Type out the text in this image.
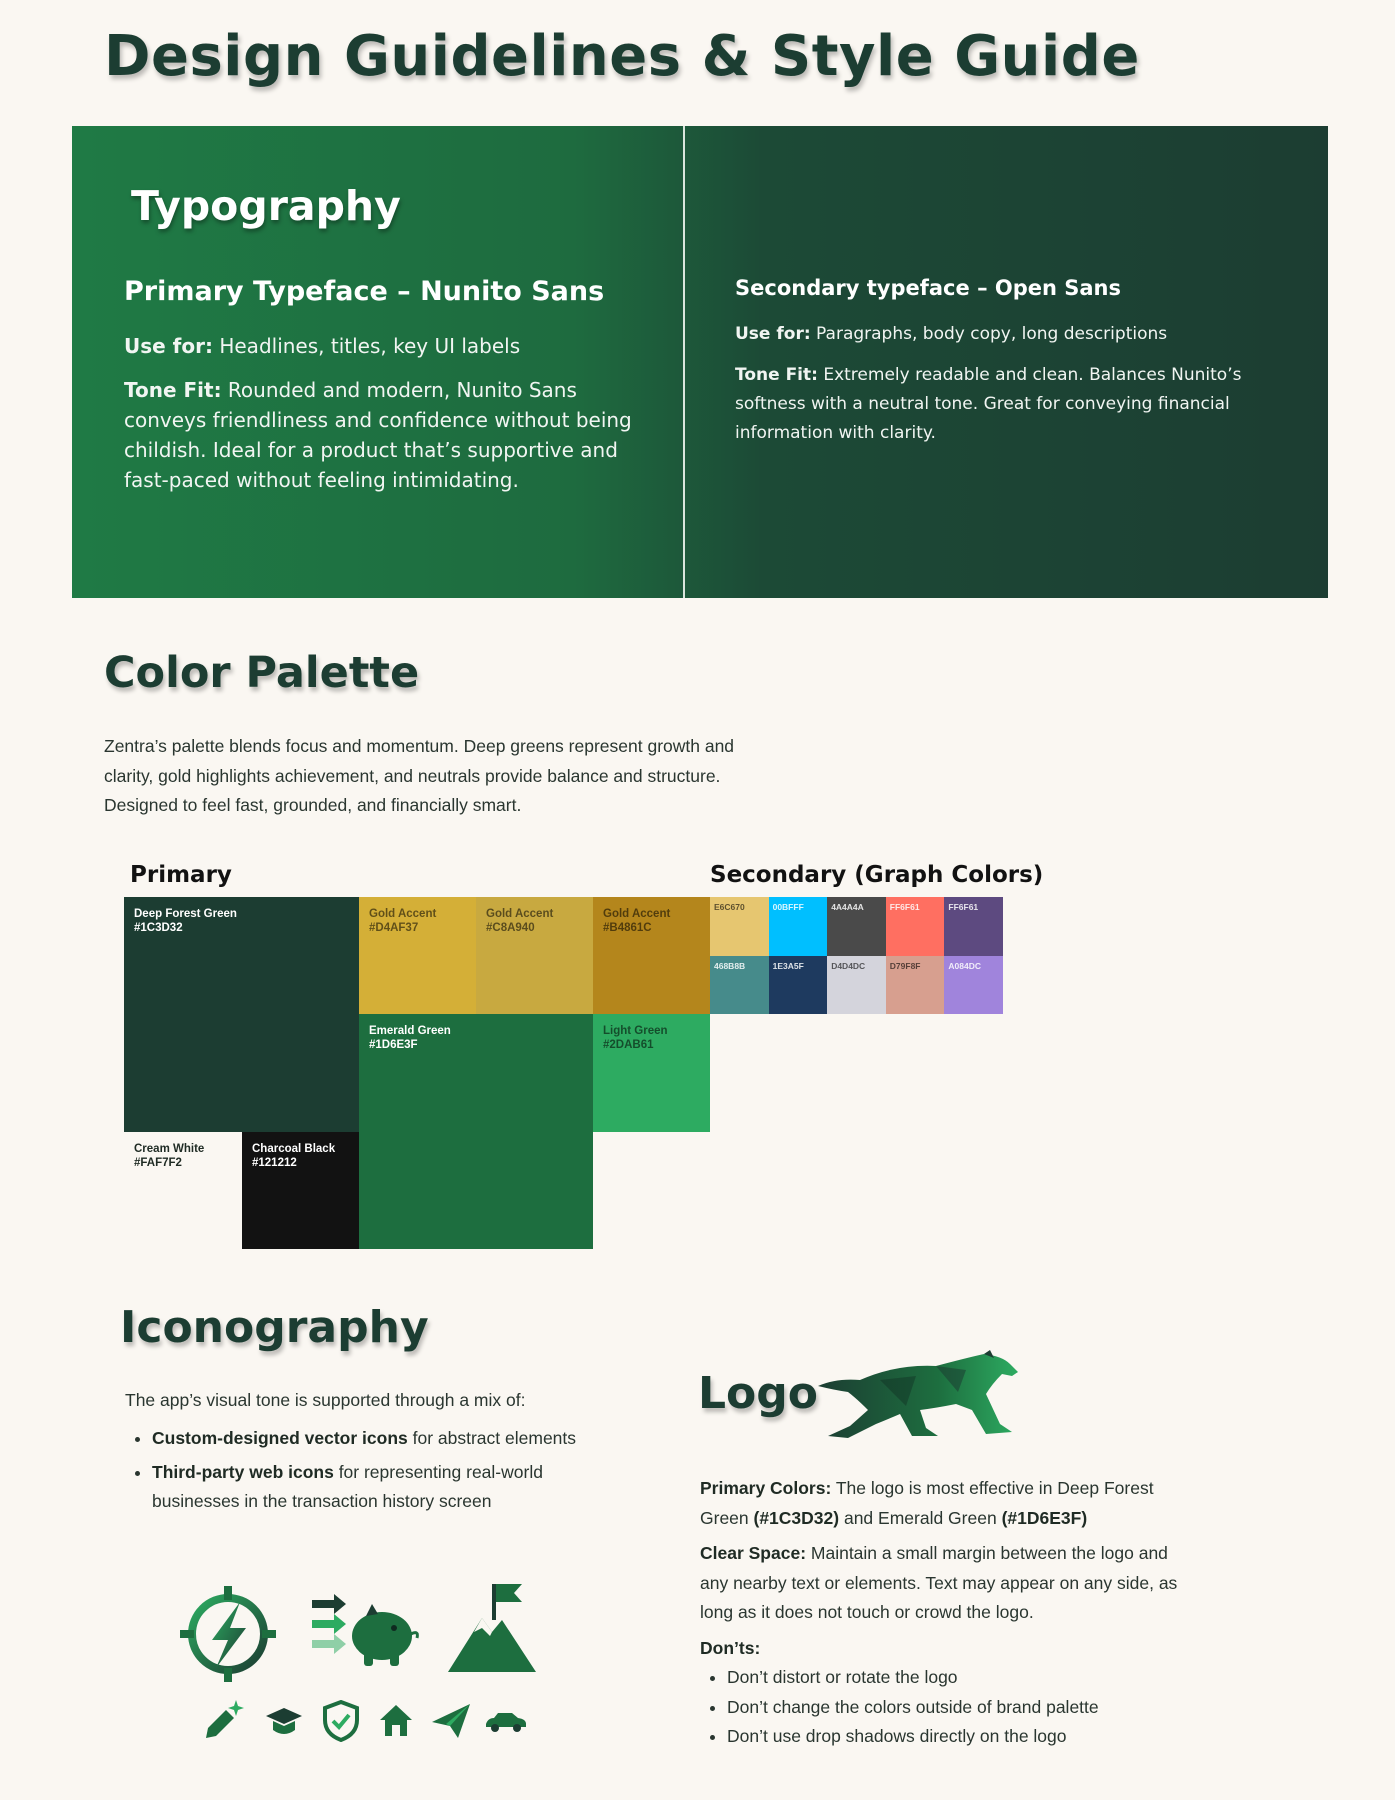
Design Guidelines & Style Guide
Typography
Primary Typeface – Nunito Sans

Use for: Headlines, titles, key UI labels

Tone Fit: Rounded and modern, Nunito Sans conveys friendliness and confidence without being childish. Ideal for a product that’s supportive and fast-paced without feeling intimidating.

Secondary typeface – Open Sans

Use for: Paragraphs, body copy, long descriptions

Tone Fit: Extremely readable and clean. Balances Nunito’s softness with a neutral tone. Great for conveying financial information with clarity.

Color Palette
Zentra’s palette blends focus and momentum. Deep greens represent growth and clarity, gold highlights achievement, and neutrals provide balance and structure. Designed to feel fast, grounded, and financially smart.
Primary	Secondary (Graph Colors)
Deep Forest Green
#1C3D32
Gold Accent
#D4AF37
Gold Accent
#C8A940
Gold Accent
#B4861C
Emerald Green
#1D6E3F
Light Green
#2DAB61
Cream White
#FAF7F2
Charcoal Black
#121212
E6C670	00BFFF	4A4A4A	FF6F61	FF6F61
468B8B	1E3A5F	D4D4DC	D79F8F	A084DC
Iconography

The app’s visual tone is supported through a mix of:

• Custom-designed vector icons for abstract elements
• Third-party web icons for representing real-world businesses in the transaction history screen
Logo

Primary Colors: The logo is most effective in Deep Forest Green (#1C3D32) and Emerald Green (#1D6E3F)

Clear Space: Maintain a small margin between the logo and any nearby text or elements. Text may appear on any side, as long as it does not touch or crowd the logo.

Don’ts:

• Don’t distort or rotate the logo
• Don’t change the colors outside of brand palette
• Don’t use drop shadows directly on the logo
